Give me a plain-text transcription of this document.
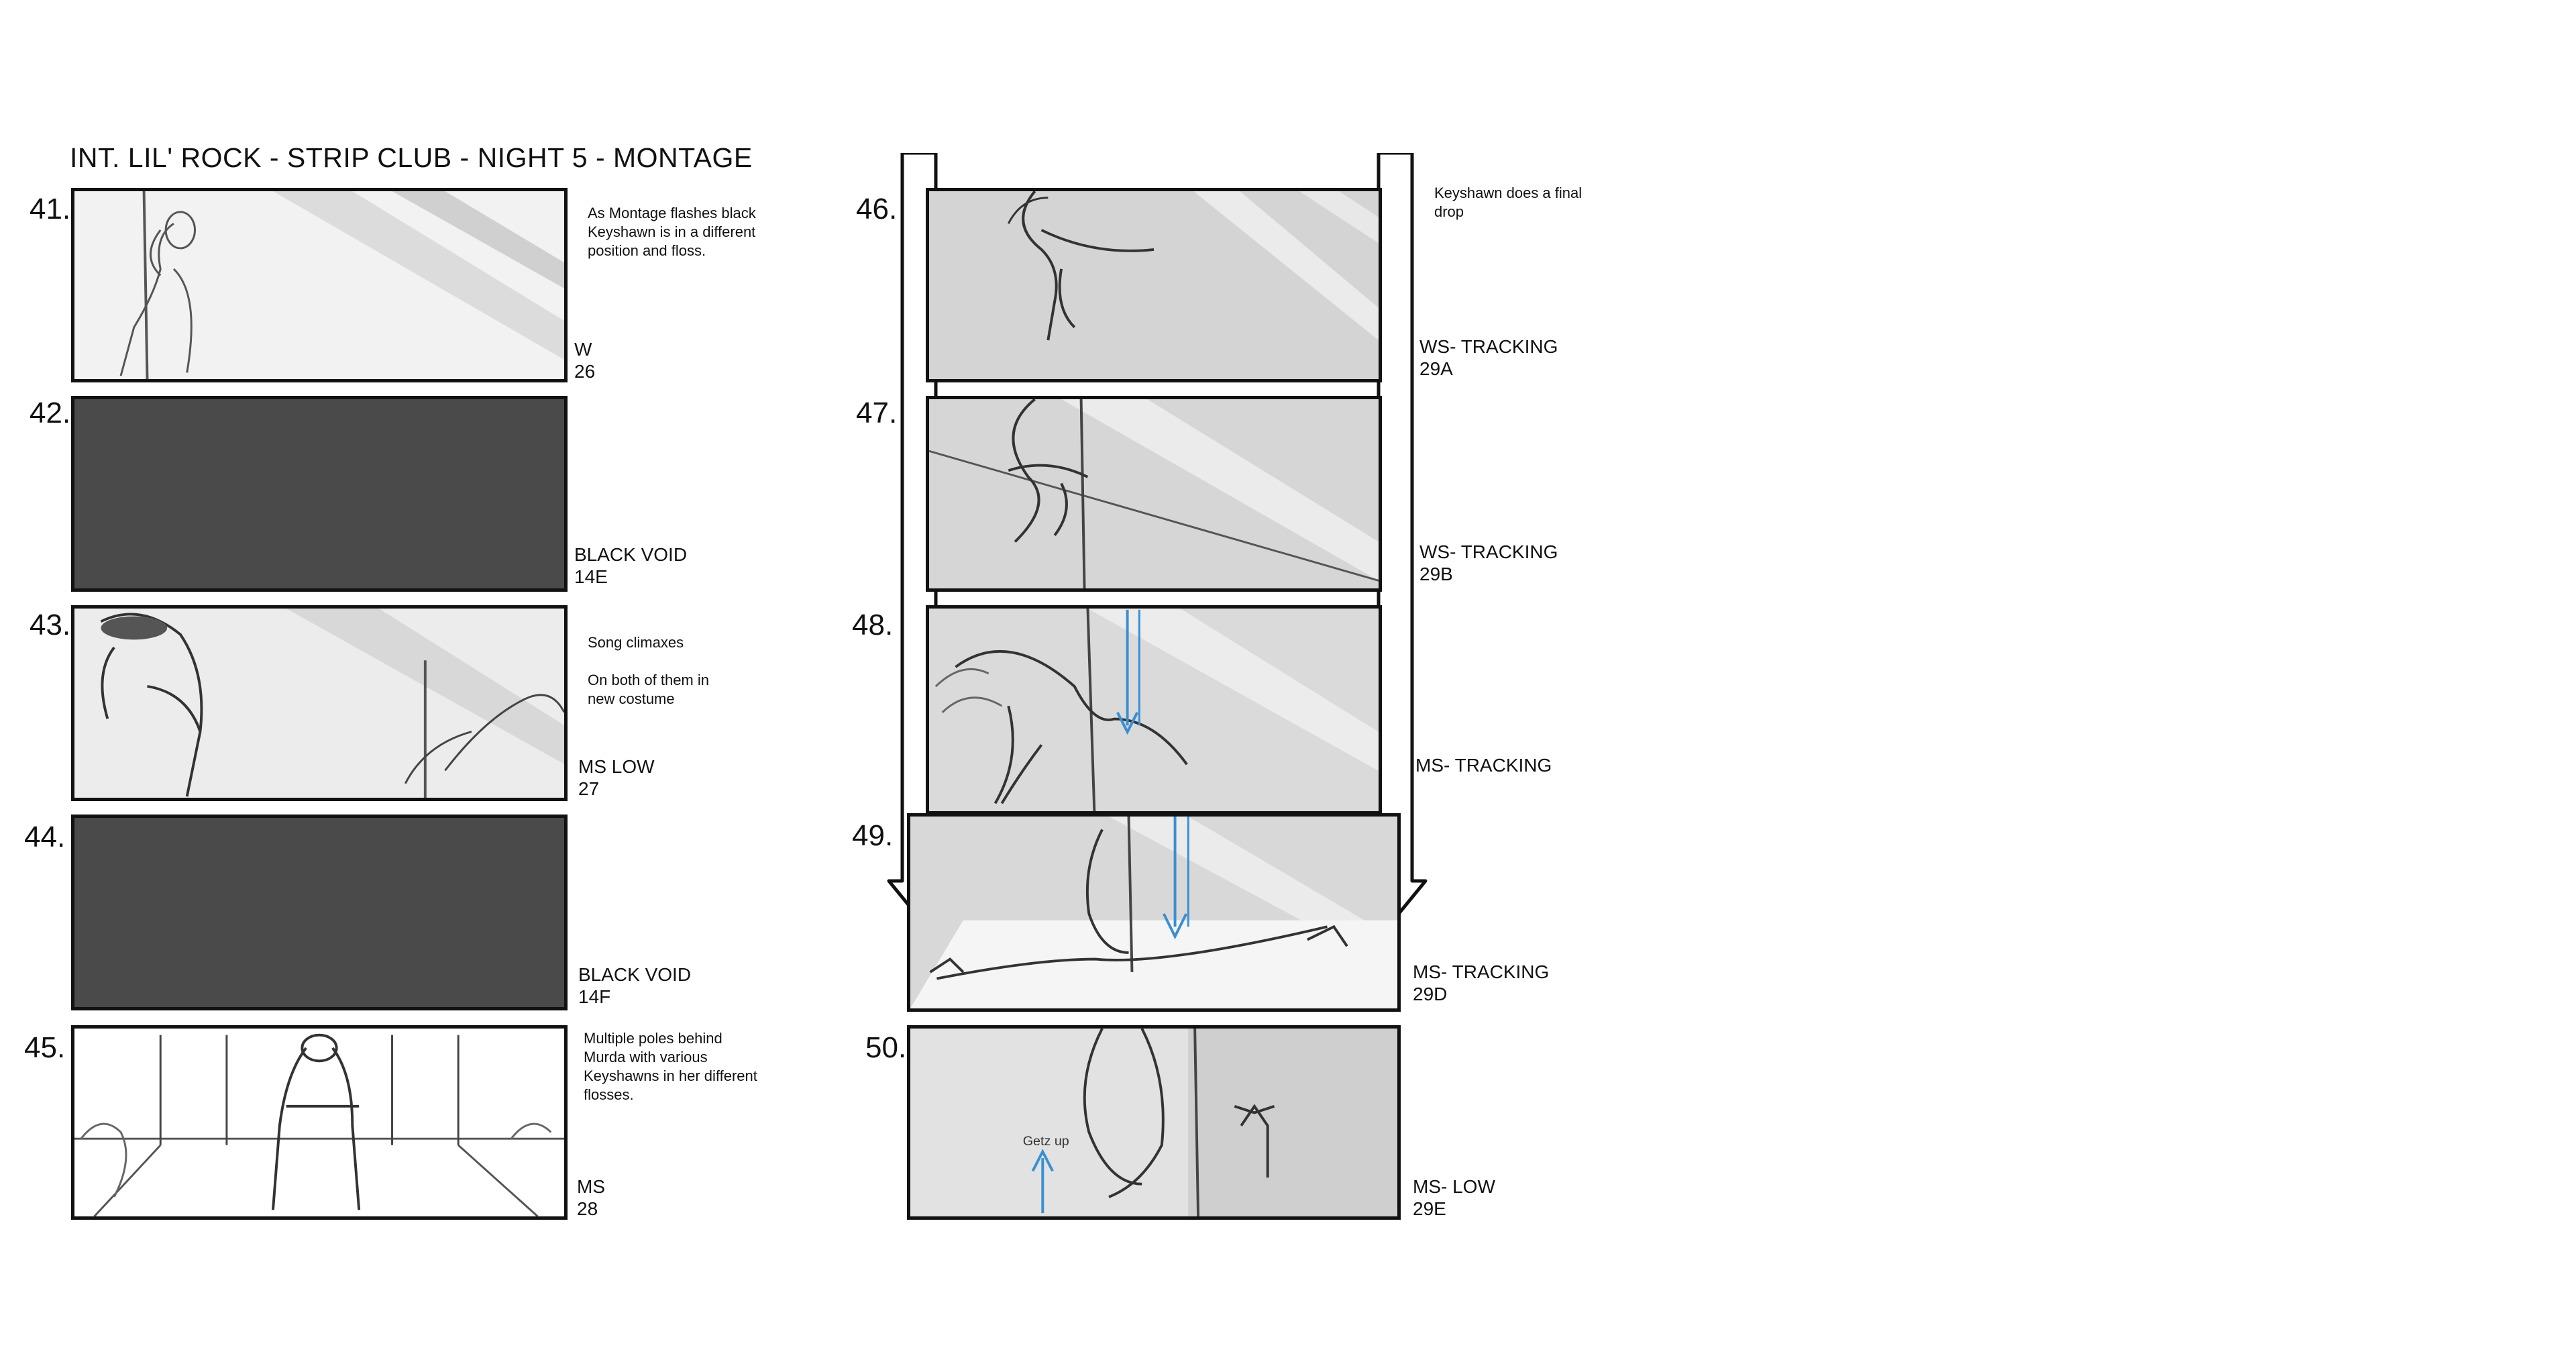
INT. LIL' ROCK - STRIP CLUB - NIGHT 5 - MONTAGE
41.	As Montage flashes black
Keyshawn is in a different
position and floss.
W
26
42.
BLACK VOID
14E
43.
Song climaxes

On both of them in
new costume
MS LOW
27
44.
BLACK VOID
14F
45.	Multiple poles behind
Murda with various
Keyshawns in her different
flosses.
MS
28
46.	Keyshawn does a final
drop
WS- TRACKING
29A
47.
WS- TRACKING
29B
48.
MS- TRACKING
49.
MS- TRACKING
29D
50.
Getz up
MS- LOW
29E
